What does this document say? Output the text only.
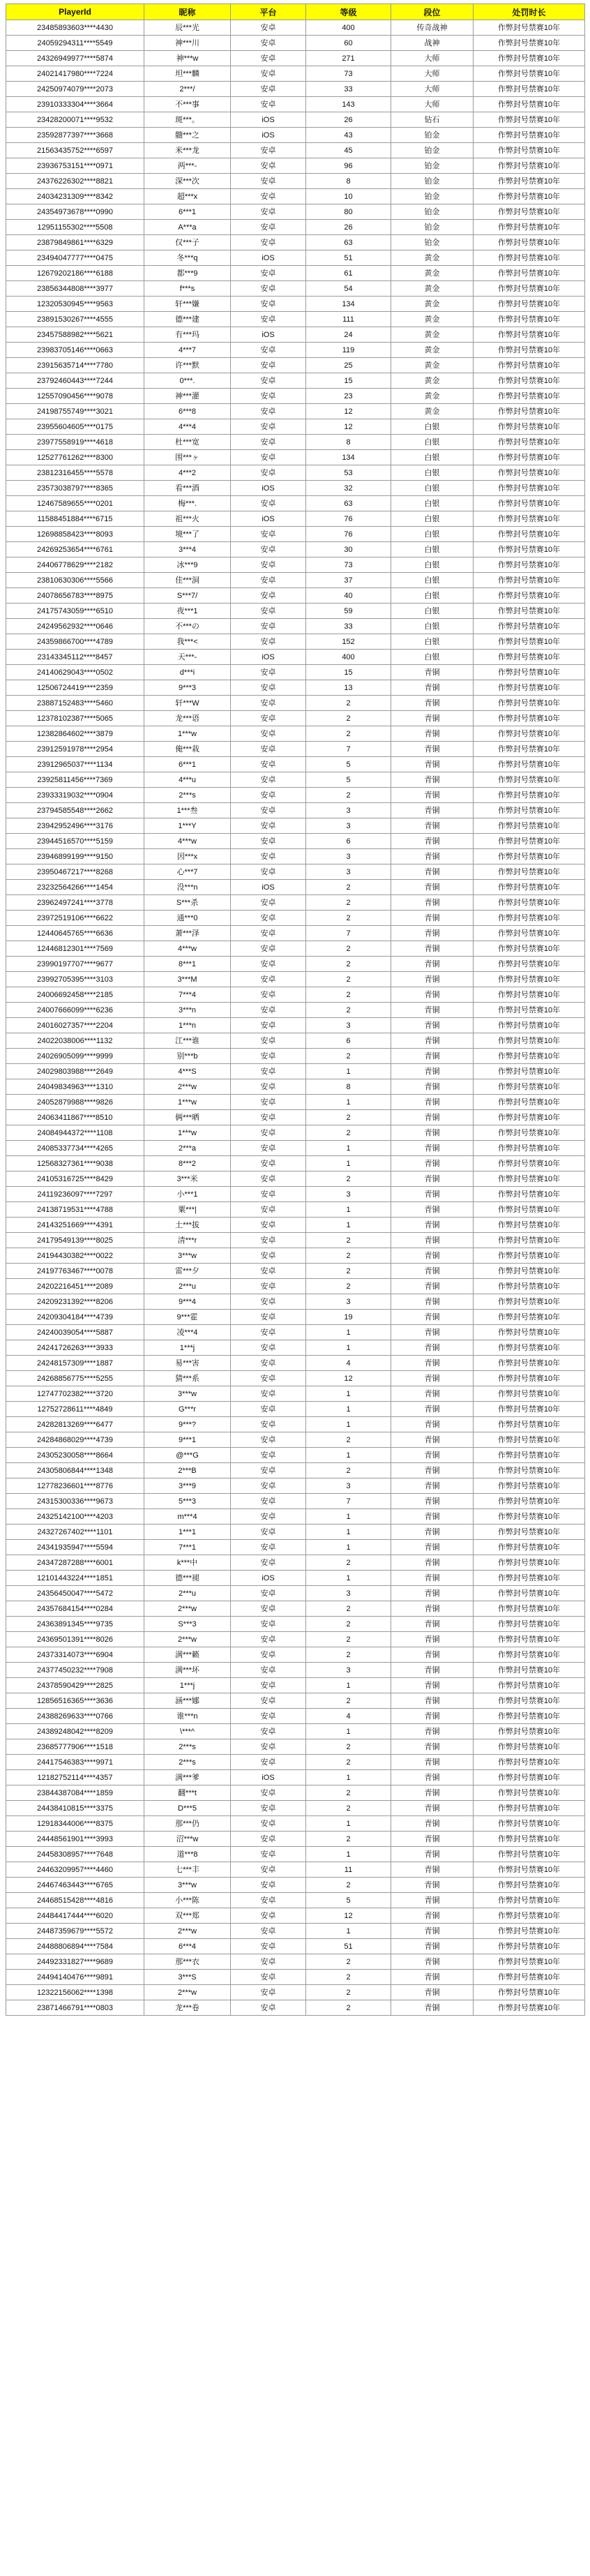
PlayerId	昵称	平台	等级	段位	处罚时长
23485893603****4430	辰***光	安卓	400	传奇战神	作弊封号禁赛10年
24059294311****5549	神***川	安卓	60	战神	作弊封号禁赛10年
24326949977****5874	神***w	安卓	271	大师	作弊封号禁赛10年
24021417980****7224	坦***麟	安卓	73	大师	作弊封号禁赛10年
24250974079****2073	2***/	安卓	33	大师	作弊封号禁赛10年
23910333304****3664	不***事	安卓	143	大师	作弊封号禁赛10年
23428200071****9532	斑***。	iOS	26	钻石	作弊封号禁赛10年
23592877397****3668	髓***之	iOS	43	铂金	作弊封号禁赛10年
21563435752****6597	米***龙	安卓	45	铂金	作弊封号禁赛10年
23936753151****0971	两***-	安卓	96	铂金	作弊封号禁赛10年
24376226302****8821	深***次	安卓	8	铂金	作弊封号禁赛10年
24034231309****8342	超***x	安卓	10	铂金	作弊封号禁赛10年
24354973678****0990	6***1	安卓	80	铂金	作弊封号禁赛10年
12951155302****5508	A***a	安卓	26	铂金	作弊封号禁赛10年
23879849861****6329	仅***子	安卓	63	铂金	作弊封号禁赛10年
23494047777****0475	冬***q	iOS	51	黄金	作弊封号禁赛10年
12679202186****6188	都***9	安卓	61	黄金	作弊封号禁赛10年
23856344808****3977	f***s	安卓	54	黄金	作弊封号禁赛10年
12320530945****9563	轩***嫌	安卓	134	黄金	作弊封号禁赛10年
23891530267****4555	德***建	安卓	111	黄金	作弊封号禁赛10年
23457588982****5621	有***玛	iOS	24	黄金	作弊封号禁赛10年
23983705146****0663	4***7	安卓	119	黄金	作弊封号禁赛10年
23915635714****7780	许***默	安卓	25	黄金	作弊封号禁赛10年
23792460443****7244	0***.	安卓	15	黄金	作弊封号禁赛10年
12557090456****9078	神***灌	安卓	23	黄金	作弊封号禁赛10年
24198755749****3021	6***8	安卓	12	黄金	作弊封号禁赛10年
23955604605****0175	4***4	安卓	12	白银	作弊封号禁赛10年
23977558919****4618	杜***宽	安卓	8	白银	作弊封号禁赛10年
12527761262****8300	围***ヶ	安卓	134	白银	作弊封号禁赛10年
23812316455****5578	4***2	安卓	53	白银	作弊封号禁赛10年
23573038797****8365	看***酒	iOS	32	白银	作弊封号禁赛10年
12467589655****0201	梅***.	安卓	63	白银	作弊封号禁赛10年
11588451884****6715	祖***火	iOS	76	白银	作弊封号禁赛10年
12698858423****8093	境***了	安卓	76	白银	作弊封号禁赛10年
24269253654****6761	3***4	安卓	30	白银	作弊封号禁赛10年
24406778629****2182	冰***9	安卓	73	白银	作弊封号禁赛10年
23810630306****5566	佳***洞	安卓	37	白银	作弊封号禁赛10年
24078656783****8975	S***7/	安卓	40	白银	作弊封号禁赛10年
24175743059****6510	夜***1	安卓	59	白银	作弊封号禁赛10年
24249562932****0646	不***の	安卓	33	白银	作弊封号禁赛10年
24359866700****4789	我***<	安卓	152	白银	作弊封号禁赛10年
23143345112****8457	天***-	iOS	400	白银	作弊封号禁赛10年
24140629043****0502	d***i	安卓	15	青铜	作弊封号禁赛10年
12506724419****2359	9***3	安卓	13	青铜	作弊封号禁赛10年
23887152483****5460	轩***W	安卓	2	青铜	作弊封号禁赛10年
12378102387****5065	龙***语	安卓	2	青铜	作弊封号禁赛10年
12382864602****3879	1***w	安卓	2	青铜	作弊封号禁赛10年
23912591978****2954	俺***栽	安卓	7	青铜	作弊封号禁赛10年
23912965037****1134	6***1	安卓	5	青铜	作弊封号禁赛10年
23925811456****7369	4***u	安卓	5	青铜	作弊封号禁赛10年
23933319032****0904	2***s	安卓	2	青铜	作弊封号禁赛10年
23794585548****2662	1***叁	安卓	3	青铜	作弊封号禁赛10年
23942952496****3176	1***Y	安卓	3	青铜	作弊封号禁赛10年
23944516570****5159	4***w	安卓	6	青铜	作弊封号禁赛10年
23946899199****9150	因***x	安卓	3	青铜	作弊封号禁赛10年
23950467217****8268	心***7	安卓	3	青铜	作弊封号禁赛10年
23232564266****1454	没***n	iOS	2	青铜	作弊封号禁赛10年
23962497241****3778	S***杀	安卓	2	青铜	作弊封号禁赛10年
23972519106****6622	通***0	安卓	2	青铜	作弊封号禁赛10年
12440645765****6636	萧***泽	安卓	7	青铜	作弊封号禁赛10年
12446812301****7569	4***w	安卓	2	青铜	作弊封号禁赛10年
23990197707****9677	8***1	安卓	2	青铜	作弊封号禁赛10年
23992705395****3103	3***M	安卓	2	青铜	作弊封号禁赛10年
24006692458****2185	7***4	安卓	2	青铜	作弊封号禁赛10年
24007666099****6236	3***n	安卓	2	青铜	作弊封号禁赛10年
24016027357****2204	1***n	安卓	3	青铜	作弊封号禁赛10年
24022038006****1132	江***谁	安卓	6	青铜	作弊封号禁赛10年
24026905099****9999	别***b	安卓	2	青铜	作弊封号禁赛10年
24029803988****2649	4***S	安卓	1	青铜	作弊封号禁赛10年
24049834963****1310	2***w	安卓	8	青铜	作弊封号禁赛10年
24052879988****9826	1***w	安卓	1	青铜	作弊封号禁赛10年
24063411867****8510	俩***晒	安卓	2	青铜	作弊封号禁赛10年
24084944372****1108	1***w	安卓	2	青铜	作弊封号禁赛10年
24085337734****4265	2***a	安卓	1	青铜	作弊封号禁赛10年
12568327361****9038	8***2	安卓	1	青铜	作弊封号禁赛10年
24105316725****8429	3***米	安卓	2	青铜	作弊封号禁赛10年
24119236097****7297	小***1	安卓	3	青铜	作弊封号禁赛10年
24138719531****4788	粟***|	安卓	1	青铜	作弊封号禁赛10年
24143251669****4391	土***拔	安卓	1	青铜	作弊封号禁赛10年
24179549139****8025	清***r	安卓	2	青铜	作弊封号禁赛10年
24194430382****0022	3***w	安卓	2	青铜	作弊封号禁赛10年
24197763467****0078	雷***夕	安卓	2	青铜	作弊封号禁赛10年
24202216451****2089	2***u	安卓	2	青铜	作弊封号禁赛10年
24209231392****8206	9***4	安卓	3	青铜	作弊封号禁赛10年
24209304184****4739	9***霍	安卓	19	青铜	作弊封号禁赛10年
24240039054****5887	凌***4	安卓	1	青铜	作弊封号禁赛10年
24241726263****3933	1***j	安卓	1	青铜	作弊封号禁赛10年
24248157309****1887	易***害	安卓	4	青铜	作弊封号禁赛10年
24268856775****5255	猜***系	安卓	12	青铜	作弊封号禁赛10年
12747702382****3720	3***w	安卓	1	青铜	作弊封号禁赛10年
12752728611****4849	G***r	安卓	1	青铜	作弊封号禁赛10年
24282813269****6477	9***?	安卓	1	青铜	作弊封号禁赛10年
24284868029****4739	9***1	安卓	2	青铜	作弊封号禁赛10年
24305230058****8664	@***G	安卓	1	青铜	作弊封号禁赛10年
24305806844****1348	2***B	安卓	2	青铜	作弊封号禁赛10年
12778236601****8776	3***9	安卓	3	青铜	作弊封号禁赛10年
24315300336****9673	5***3	安卓	7	青铜	作弊封号禁赛10年
24325142100****4203	m***4	安卓	1	青铜	作弊封号禁赛10年
24327267402****1101	1***1	安卓	1	青铜	作弊封号禁赛10年
24341935947****5594	7***1	安卓	1	青铜	作弊封号禁赛10年
24347287288****6001	k***中	安卓	2	青铜	作弊封号禁赛10年
12101443224****1851	德***褪	iOS	1	青铜	作弊封号禁赛10年
24356450047****5472	2***u	安卓	3	青铜	作弊封号禁赛10年
24357684154****0284	2***w	安卓	2	青铜	作弊封号禁赛10年
24363891345****9735	S***3	安卓	2	青铜	作弊封号禁赛10年
24369501391****8026	2***w	安卓	2	青铜	作弊封号禁赛10年
24373314073****6904	满***籁	安卓	2	青铜	作弊封号禁赛10年
24377450232****7908	满***坏	安卓	3	青铜	作弊封号禁赛10年
24378590429****2825	1***j	安卓	1	青铜	作弊封号禁赛10年
12856516365****3636	涵***娜	安卓	2	青铜	作弊封号禁赛10年
24388269633****0766	谁***n	安卓	4	青铜	作弊封号禁赛10年
24389248042****8209	\***^	安卓	1	青铜	作弊封号禁赛10年
23685777906****1518	2***s	安卓	2	青铜	作弊封号禁赛10年
24417546383****9971	2***s	安卓	2	青铜	作弊封号禁赛10年
12182752114****4357	满***爹	iOS	1	青铜	作弊封号禁赛10年
23844387084****1859	翻***t	安卓	2	青铜	作弊封号禁赛10年
24438410815****3375	D***5	安卓	2	青铜	作弊封号禁赛10年
12918344006****8375	那***仍	安卓	1	青铜	作弊封号禁赛10年
24448561901****3993	沼***w	安卓	2	青铜	作弊封号禁赛10年
24458308957****7648	道***8	安卓	1	青铜	作弊封号禁赛10年
24463209957****4460	七***丰	安卓	11	青铜	作弊封号禁赛10年
24467463443****6765	3***w	安卓	2	青铜	作弊封号禁赛10年
24468515428****4816	小***陈	安卓	5	青铜	作弊封号禁赛10年
24484417444****6020	双***郑	安卓	12	青铜	作弊封号禁赛10年
24487359679****5572	2***w	安卓	1	青铜	作弊封号禁赛10年
24488806894****7584	6***4	安卓	51	青铜	作弊封号禁赛10年
24492331827****9689	那***衣	安卓	2	青铜	作弊封号禁赛10年
24494140476****9891	3***S	安卓	2	青铜	作弊封号禁赛10年
12322156062****1398	2***w	安卓	2	青铜	作弊封号禁赛10年
23871466791****0803	龙***卷	安卓	2	青铜	作弊封号禁赛10年
